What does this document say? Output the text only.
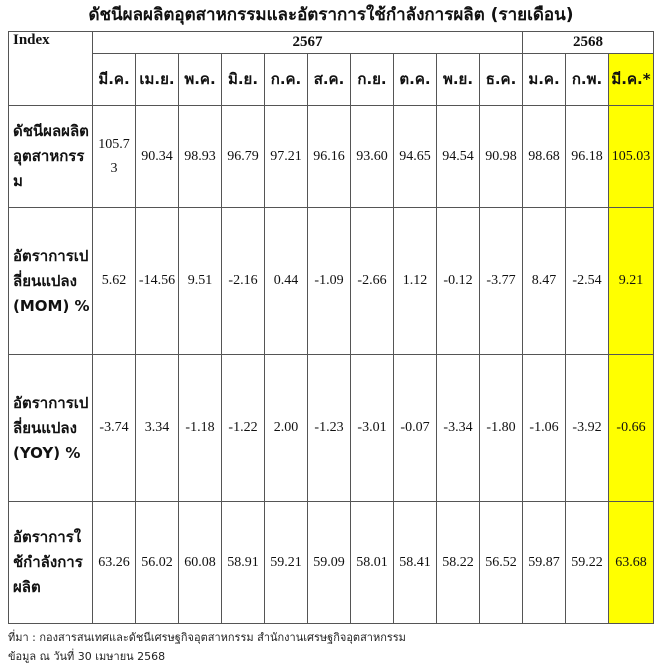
ดัชนีผลผลิตอุตสาหกรรมและอัตราการใช้กำลังการผลิต (รายเดือน)
Index	2567										2568		
	มี.ค.	เม.ย.	พ.ค.	มิ.ย.	ก.ค.	ส.ค.	ก.ย.	ต.ค.	พ.ย.	ธ.ค.	ม.ค.	ก.พ.	มี.ค.*
ดัชนีผลผลิตอุตสาหกรรม	105.73	90.34	98.93	96.79	97.21	96.16	93.60	94.65	94.54	90.98	98.68	96.18	105.03
อัตราการเปลี่ยนแปลง (MOM) %	5.62	-14.56	9.51	-2.16	0.44	-1.09	-2.66	1.12	-0.12	-3.77	8.47	-2.54	9.21
อัตราการเปลี่ยนแปลง (YOY) %	-3.74	3.34	-1.18	-1.22	2.00	-1.23	-3.01	-0.07	-3.34	-1.80	-1.06	-3.92	-0.66
อัตราการใช้กำลังการผลิต	63.26	56.02	60.08	58.91	59.21	59.09	58.01	58.41	58.22	56.52	59.87	59.22	63.68
ที่มา : กองสารสนเทศและดัชนีเศรษฐกิจอุตสาหกรรม สำนักงานเศรษฐกิจอุตสาหกรรม
ข้อมูล ณ วันที่ 30 เมษายน 2568
